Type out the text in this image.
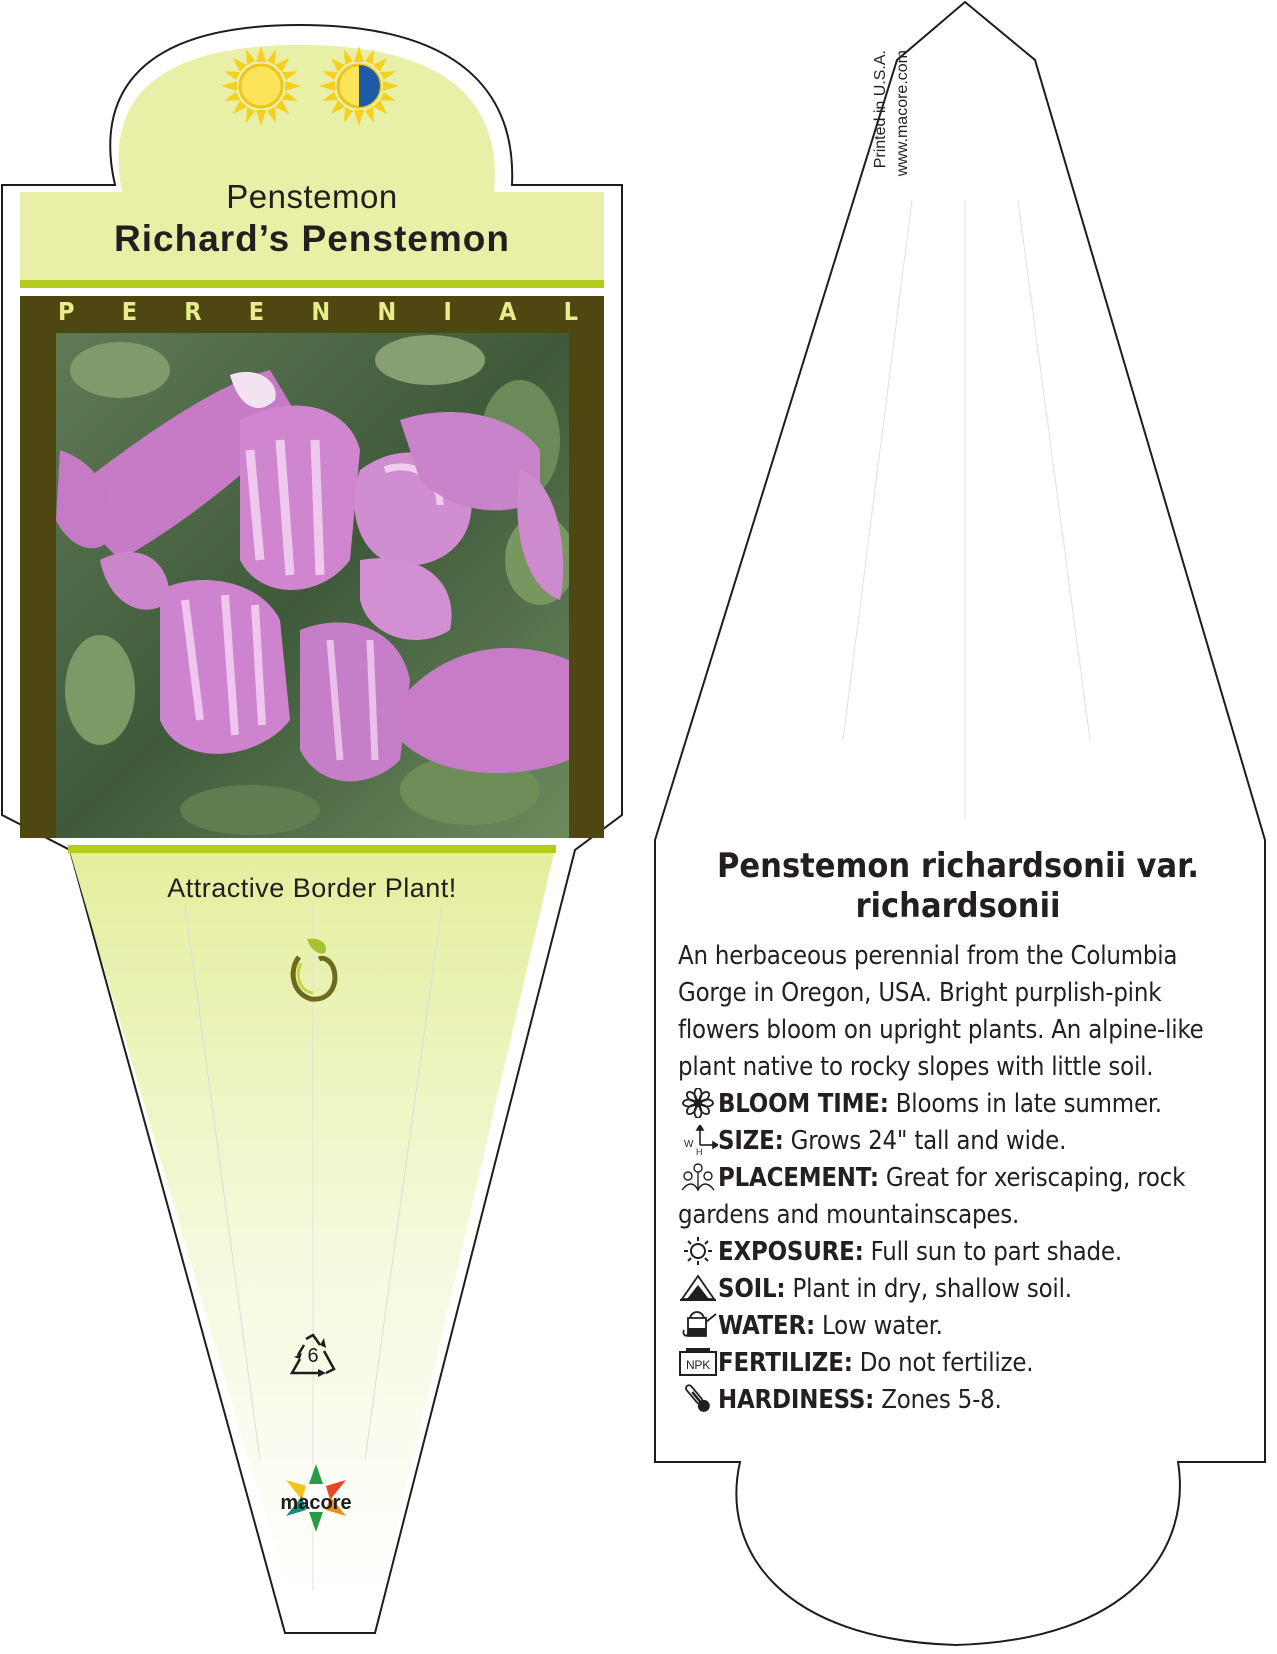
Penstemon
Richard’s Penstemon
P E R E N N I A L
Attractive Border Plant!
6
macore
Printed in U.S.A. www.macore.com
Penstemon richardsonii var. richardsonii

An herbaceous perennial from the Columbia Gorge in Oregon, USA. Bright purplish-pink flowers bloom on upright plants. An alpine-like plant native to rocky slopes with little soil.

BLOOM TIME: Blooms in late summer.
W
H SIZE: Grows 24" tall and wide.
PLACEMENT: Great for xeriscaping, rock gardens and mountainscapes.
EXPOSURE: Full sun to part shade.
SOIL: Plant in dry, shallow soil.
WATER: Low water.
NPK FERTILIZE: Do not fertilize.
HARDINESS: Zones 5-8.
